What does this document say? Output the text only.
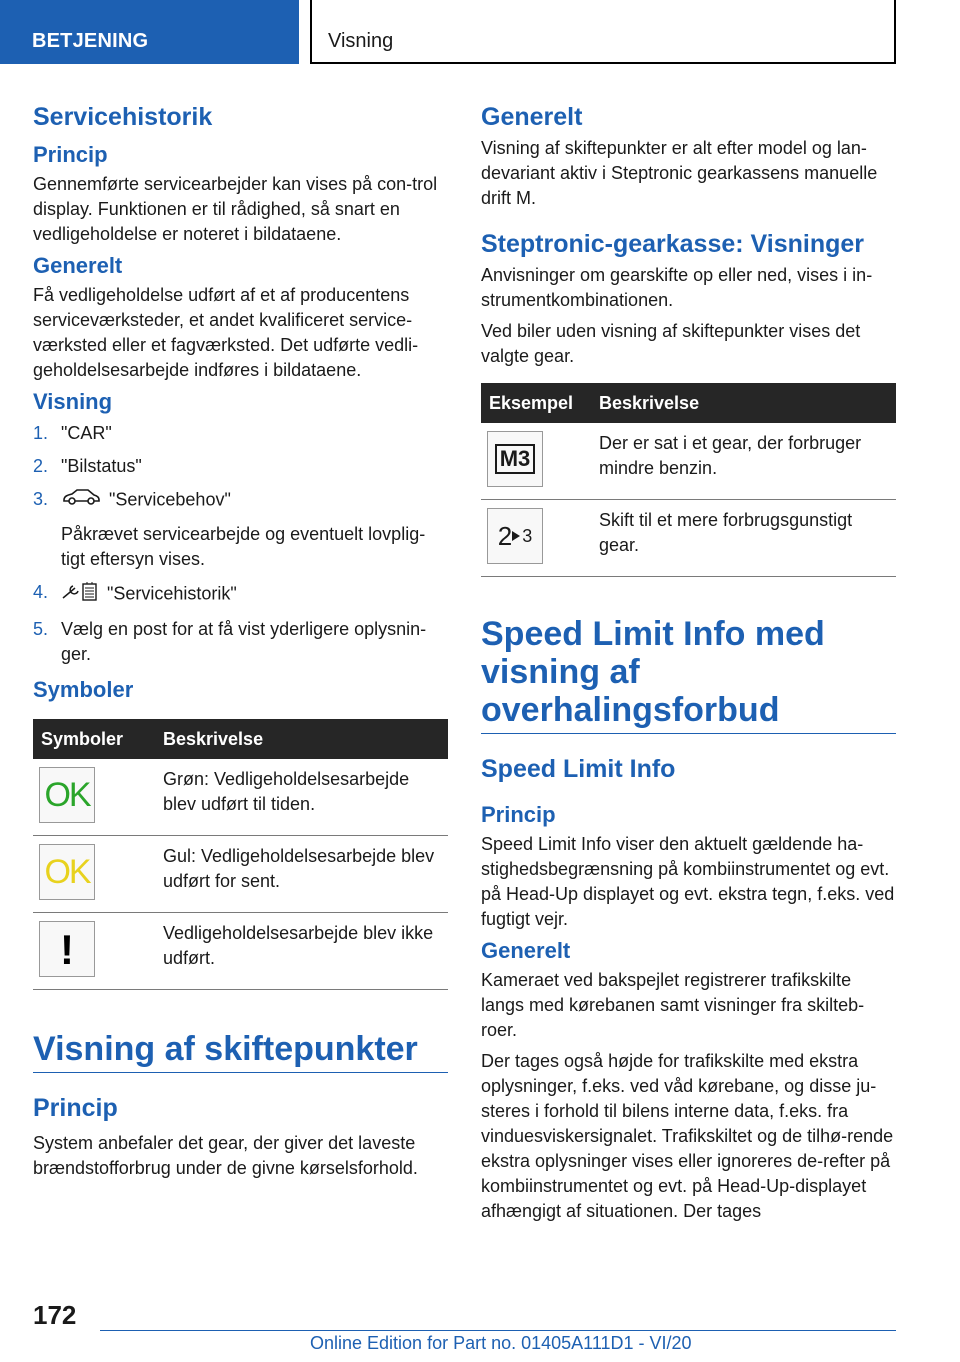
BETJENING	Visning
Servicehistorik
Princip

Gennemførte servicearbejder kan vises på con-trol display. Funktionen er til rådighed, så snart en vedligeholdelse er noteret i bildataene.

Generelt

Få vedligeholdelse udført af et af producentens serviceværksteder, et andet kvalificeret service-værksted eller et fagværksted. Det udførte vedli-geholdelsesarbejde indføres i bildataene.

Visning
1. "CAR"
2. "Bilstatus"
3.	"Servicebehov"
Påkrævet servicearbejde og eventuelt lovplig-tigt eftersyn vises.
4.	"Servicehistorik"
5. Vælg en post for at få vist yderligere oplysnin-ger.
Symboler
Symboler	Beskrivelse

OK	Grøn: Vedligeholdelsesarbejde blev udført til tiden.

OK	Gul: Vedligeholdelsesarbejde blev udført for sent.

!	Vedligeholdelsesarbejde blev ikke udført.
Visning af skiftepunkter
Princip

System anbefaler det gear, der giver det laveste brændstofforbrug under de givne kørselsforhold.

Generelt

Visning af skiftepunkter er alt efter model og lan-devariant aktiv i Steptronic gearkassens manuelle drift M.

Steptronic-gearkasse: Visninger

Anvisninger om gearskifte op eller ned, vises i in-strumentkombinationen.

Ved biler uden visning af skiftepunkter vises det valgte gear.

Eksempel	Beskrivelse

M3	Der er sat i et gear, der forbruger mindre benzin.

2 3	Skift til et mere forbrugsgunstigt gear.
Speed Limit Info med visning af overhalingsforbud
Speed Limit Info
Princip

Speed Limit Info viser den aktuelt gældende ha-stighedsbegrænsning på kombiinstrumentet og evt. på Head-Up displayet og evt. ekstra tegn, f.eks. ved fugtigt vejr.

Generelt

Kameraet ved bakspejlet registrerer trafikskilte langs med kørebanen samt visninger fra skilteb-roer.

Der tages også højde for trafikskilte med ekstra oplysninger, f.eks. ved våd kørebane, og disse ju-steres i forhold til bilens interne data, f.eks. fra vinduesviskersignalet. Trafikskiltet og de tilhø-rende ekstra oplysninger vises eller ignoreres de-refter på kombiinstrumentet og evt. på Head-Up-displayet afhængigt af situationen. Der tages

172
Online Edition for Part no. 01405A111D1 - VI/20
